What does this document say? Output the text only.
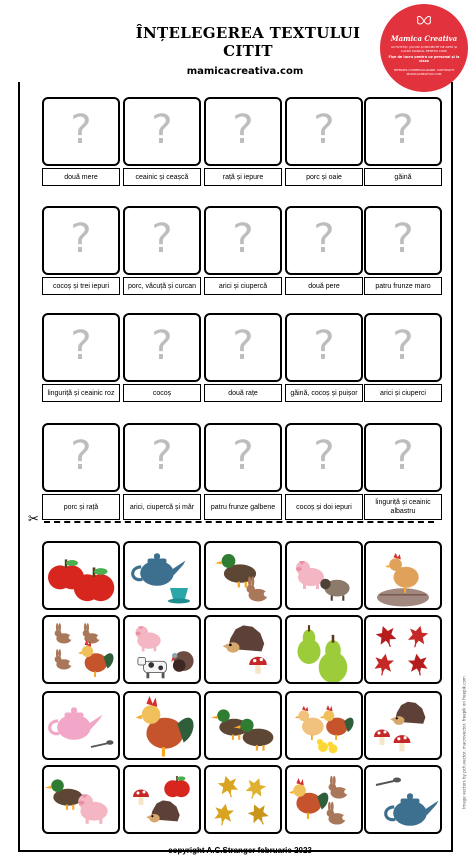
ÎNȚELEGEREA TEXTULUI CITIT
mamicacreativa.com
Mamica Creativa
ACTIVITĂȚI, JOCURI ȘI PROIECTE DE ARTĂ ȘI LUCRU MANUAL PENTRU COPII
Fișe de lucru pentru uz personal și la clasa
INTERZIS COMERCIALIZARE. COPYRIGHT MAMICACREATIVA.COM
?
două mere
?
ceainic și ceașcă
?
rață și iepure
?
porc și oaie
?
găină
?
cocoș și trei iepuri
?
porc, văcuță și curcan
?
arici și ciupercă
?
două pere
?
patru frunze maro
?
linguriță și ceainic roz
?
cocoș
?
două rațe
?
găină, cocoș și puișor
?
arici și ciuperci
?
porc și rață
?
arici, ciupercă și măr
?
patru frunze galbene
?
cocoș și doi iepuri
?
linguriță și ceainic albastru
✂
Image vectors by pch.vector, macrovector, freepik on freepik.com
copyright A.C.Stranger februarie 2023
